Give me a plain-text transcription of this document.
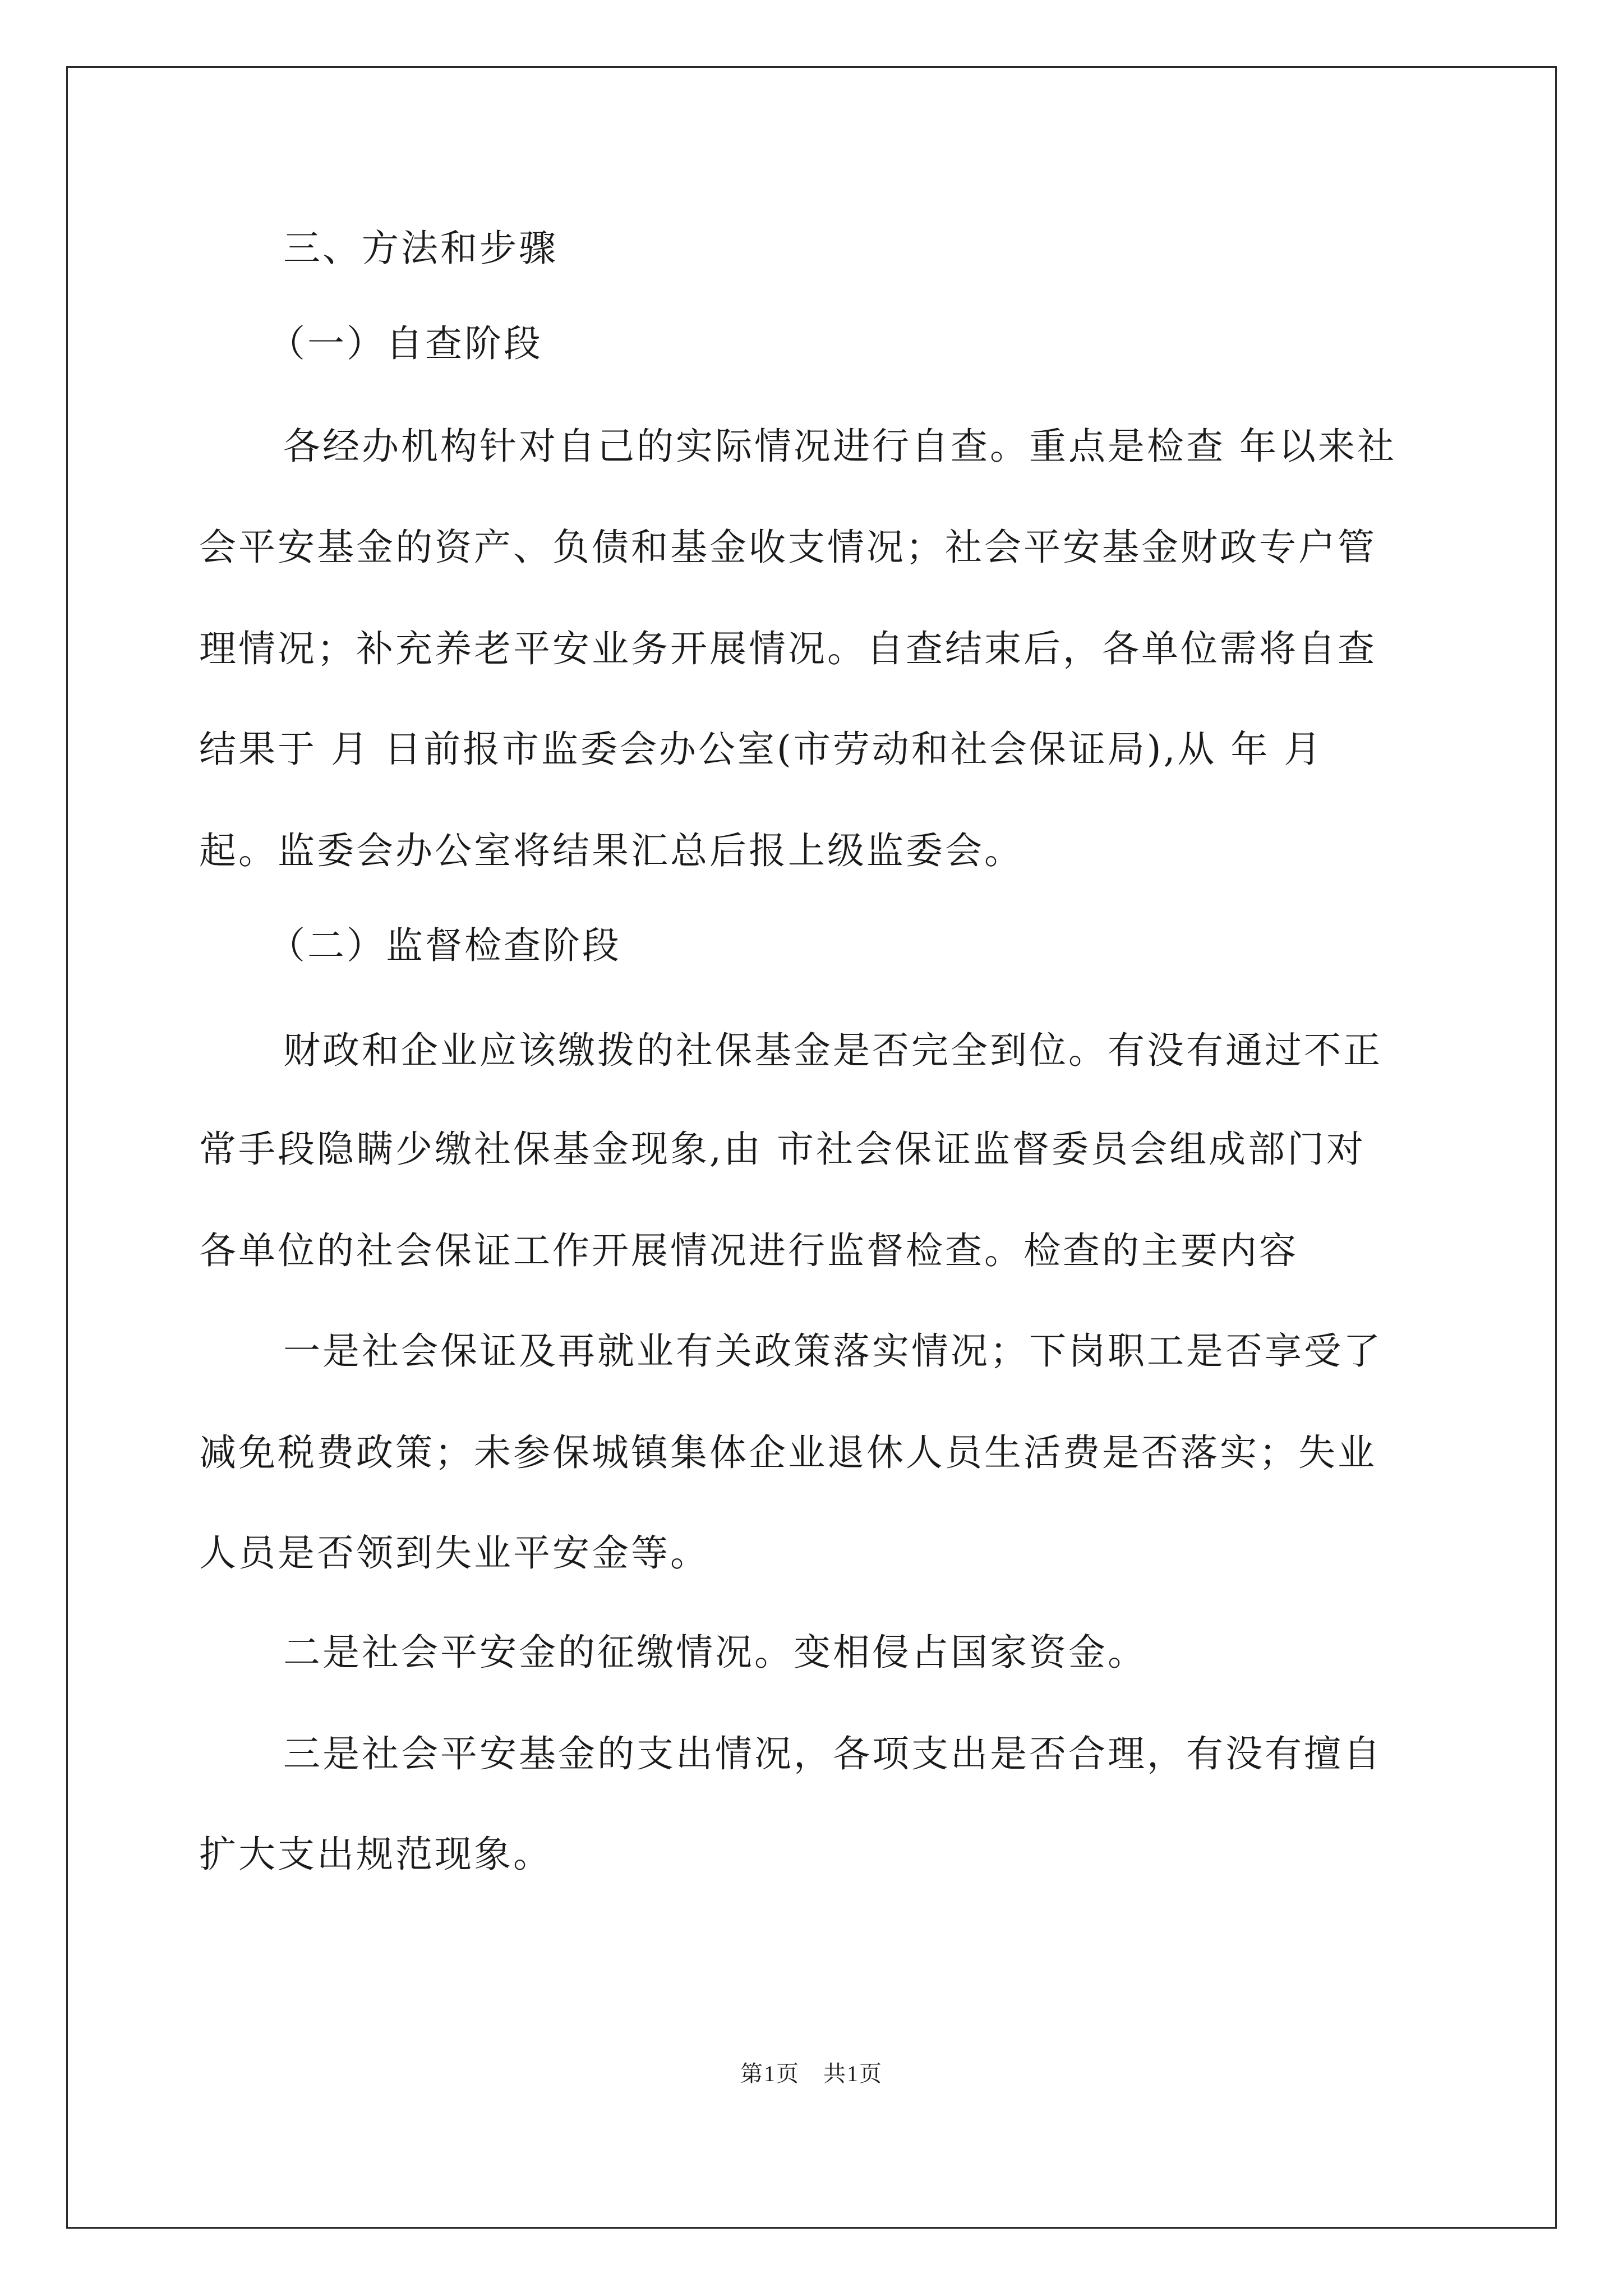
三、方法和步骤
（一）自查阶段
各经办机构针对自己的实际情况进行自查。重点是检查 年以来社
会平安基金的资产、负债和基金收支情况；社会平安基金财政专户管
理情况；补充养老平安业务开展情况。自查结束后，各单位需将自查
结果于 月 日前报市监委会办公室(市劳动和社会保证局),从 年 月
起。监委会办公室将结果汇总后报上级监委会。
（二）监督检查阶段
财政和企业应该缴拨的社保基金是否完全到位。有没有通过不正
常手段隐瞒少缴社保基金现象,由 市社会保证监督委员会组成部门对
各单位的社会保证工作开展情况进行监督检查。检查的主要内容
一是社会保证及再就业有关政策落实情况；下岗职工是否享受了
减免税费政策；未参保城镇集体企业退休人员生活费是否落实；失业
人员是否领到失业平安金等。
二是社会平安金的征缴情况。变相侵占国家资金。
三是社会平安基金的支出情况，各项支出是否合理，有没有擅自
扩大支出规范现象。
第1页　共1页
